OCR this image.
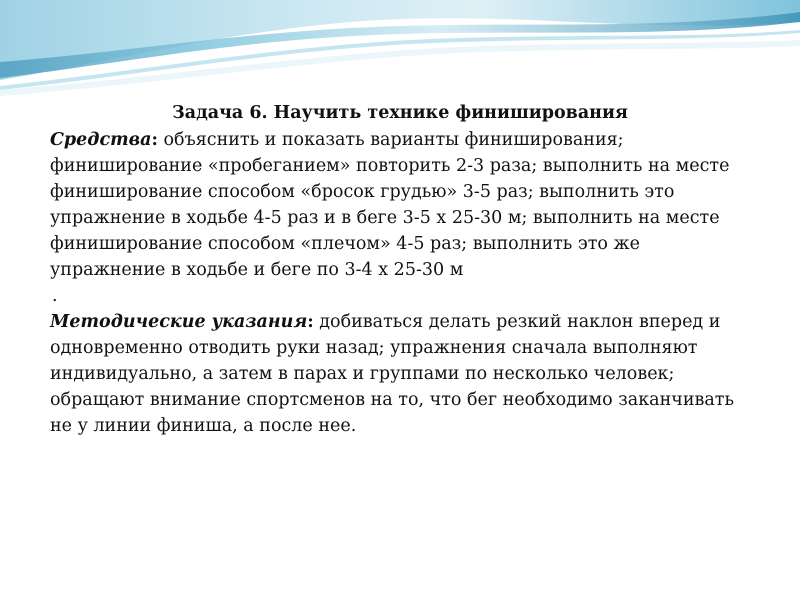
Задача 6. Научить технике финиширования

Средства: объяснить и показать варианты финиширования; финиширование «пробеганием» повторить 2-3 раза; выполнить на месте финиширование способом «бросок грудью» 3-5 раз; выполнить это упражнение в ходьбе 4-5 раз и в беге 3-5 х 25-30 м; выполнить на месте финиширование способом «плечом» 4-5 раз; выполнить это же упражнение в ходьбе и беге по 3-4 х 25-30 м

.

Методические указания: добиваться делать резкий наклон вперед и одновременно отводить руки назад; упражнения сначала выполняют индивидуально, а затем в парах и группами по несколько человек; обращают внимание спортсменов на то, что бег необходимо заканчивать не у линии финиша, а после нее.
